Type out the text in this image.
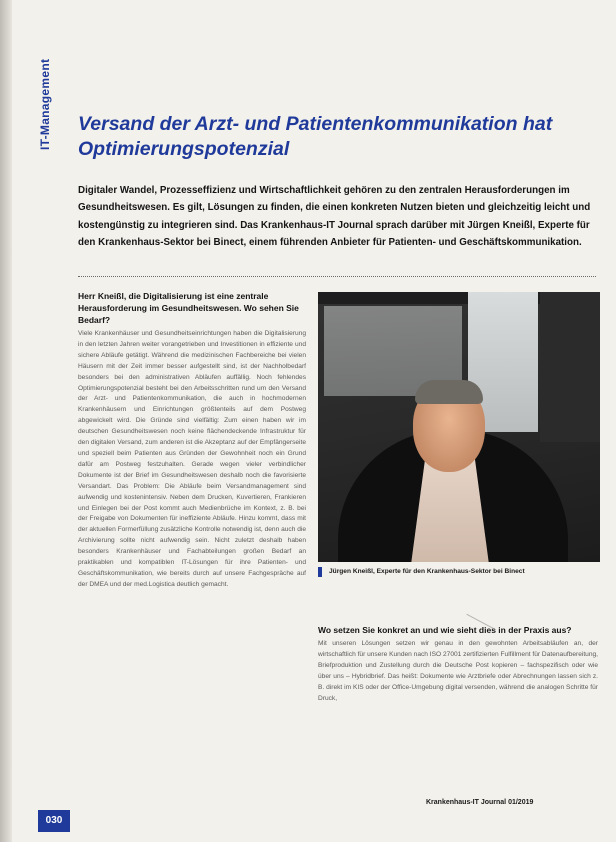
IT-Management Versand der Arzt- und Patientenkommunikation hat Optimierungspotenzial

Digitaler Wandel, Prozesseffizienz und Wirtschaftlichkeit gehören zu den zentralen Herausforderungen im Gesundheitswesen. Es gilt, Lösungen zu finden, die einen konkreten Nutzen bieten und gleichzeitig leicht und kostengünstig zu integrieren sind. Das Krankenhaus-IT Journal sprach darüber mit Jürgen Kneißl, Experte für den Krankenhaus-Sektor bei Binect, einem führenden Anbieter für Patienten- und Geschäftskommunikation.

Herr Kneißl, die Digitalisierung ist eine zentrale Herausforderung im Gesundheitswesen. Wo sehen Sie Bedarf?

Viele Krankenhäuser und Gesundheitseinrichtungen haben die Digitalisierung in den letzten Jahren weiter vorangetrieben und Investitionen in effiziente und sichere Abläufe getätigt. Während die medizinischen Fachbereiche bei vielen Häusern mit der Zeit immer besser aufgestellt sind, ist der Nachholbedarf besonders bei den administrativen Abläufen auffällig. Noch fehlendes Optimierungspotenzial besteht bei den Arbeitsschritten rund um den Versand der Arzt- und Patientenkommunikation, die auch in hochmodernen Krankenhäusern und Einrichtungen größtenteils auf dem Postweg abgewickelt wird. Die Gründe sind vielfältig: Zum einen haben wir im deutschen Gesundheitswesen noch keine flächendeckende Infrastruktur für den digitalen Versand, zum anderen ist die Akzeptanz auf der Empfängerseite und speziell beim Patienten aus Gründen der Gewohnheit noch ein Grund dafür am Postweg festzuhalten. Gerade wegen vieler verbindlicher Dokumente ist der Brief im Gesundheitswesen deshalb noch die favorisierte Versandart. Das Problem: Die Abläufe beim Versandmanagement sind aufwendig und kostenintensiv. Neben dem Drucken, Kuvertieren, Frankieren und Einlegen bei der Post kommt auch Medienbrüche im Kontext, z. B. bei der Freigabe von Dokumenten für ineffiziente Abläufe. Hinzu kommt, dass mit der aktuellen Formerfüllung zusätzliche Kontrolle notwendig ist, denn auch die Archivierung sollte nicht aufwendig sein. Nicht zuletzt deshalb haben besonders Krankenhäuser und Fachabteilungen großen Bedarf an praktikablen und kompatiblen IT-Lösungen für ihre Patienten- und Geschäftskommunikation, wie bereits durch auf unsere Fachgespräche auf der DMEA und der med.Logistica deutlich gemacht.

Jürgen Kneißl, Experte für den Krankenhaus-Sektor bei Binect

Wo setzen Sie konkret an und wie sieht dies in der Praxis aus?

Mit unseren Lösungen setzen wir genau in den gewohnten Arbeitsabläufen an, der wirtschaftlich für unsere Kunden nach ISO 27001 zertifizierten Fulfillment für Datenaufbereitung, Briefproduktion und Zustellung durch die Deutsche Post kopieren – fachspezifisch oder wie über uns – Hybridbrief. Das heißt: Dokumente wie Arztbriefe oder Abrechnungen lassen sich z. B. direkt im KIS oder der Office-Umgebung digital versenden, während die analogen Schritte für Druck,

Krankenhaus-IT Journal 01/2019
030
